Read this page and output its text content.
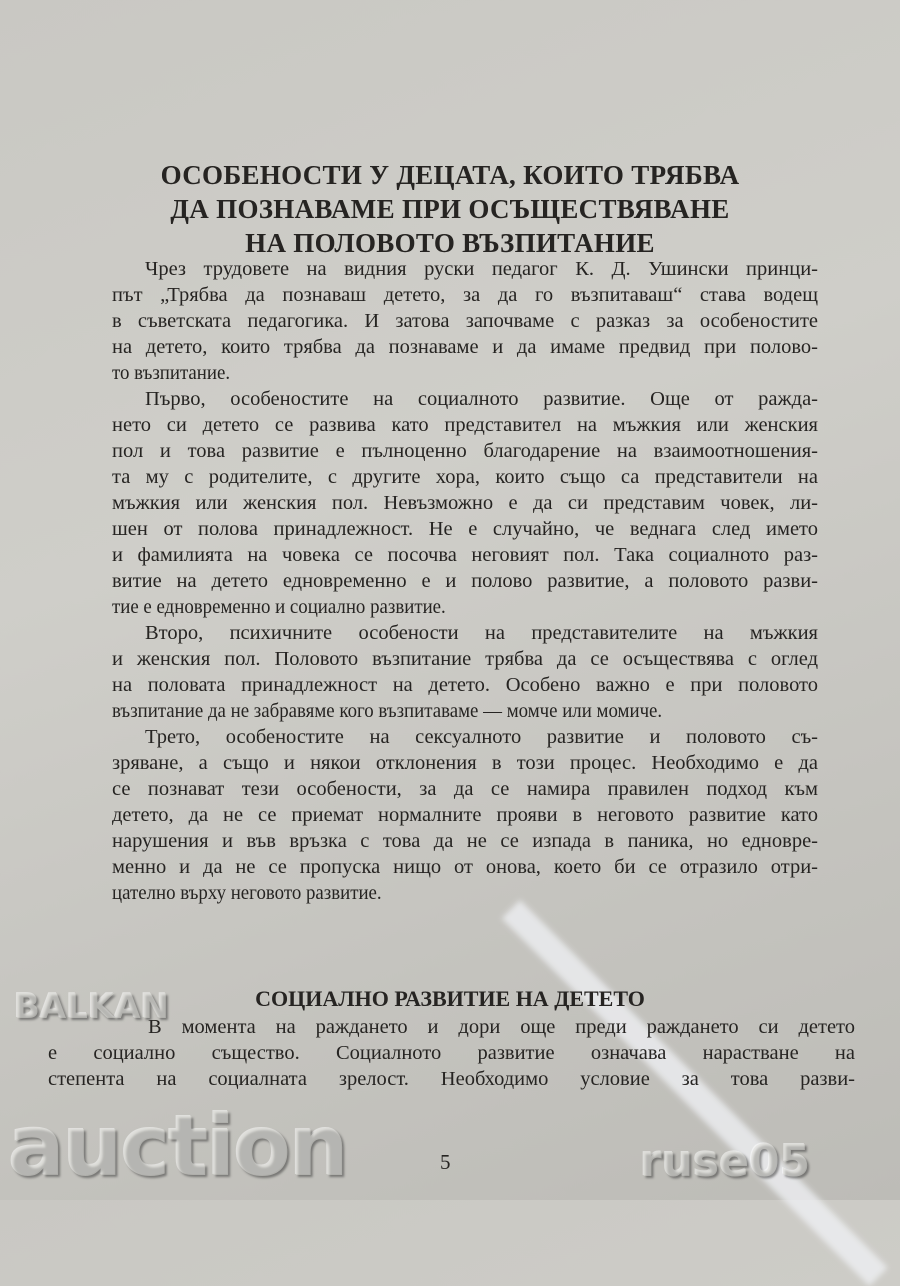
ОСОБЕНОСТИ У ДЕЦАТА, КОИТО ТРЯБВА
ДА ПОЗНАВАМЕ ПРИ ОСЪЩЕСТВЯВАНЕ
НА ПОЛОВОТО ВЪЗПИТАНИЕ
Чрез трудовете на видния руски педагог К. Д. Ушински принци-
път „Трябва да познаваш детето, за да го възпитаваш“ става водещ
в съветската педагогика. И затова започваме с разказ за особеностите
на детето, които трябва да познаваме и да имаме предвид при полово-
то възпитание.
Първо, особеностите на социалното развитие. Още от ражда-
нето си детето се развива като представител на мъжкия или женския
пол и това развитие е пълноценно благодарение на взаимоотношения-
та му с родителите, с другите хора, които също са представители на
мъжкия или женския пол. Невъзможно е да си представим човек, ли-
шен от полова принадлежност. Не е случайно, че веднага след името
и фамилията на човека се посочва неговият пол. Така социалното раз-
витие на детето едновременно е и полово развитие, а половото разви-
тие е едновременно и социално развитие.
Второ, психичните особености на представителите на мъжкия
и женския пол. Половото възпитание трябва да се осъществява с оглед
на половата принадлежност на детето. Особено важно е при половото
възпитание да не забравяме кого възпитаваме — момче или момиче.
Трето, особеностите на сексуалното развитие и половото съ-
зряване, а също и някои отклонения в този процес. Необходимо е да
се познават тези особености, за да се намира правилен подход към
детето, да не се приемат нормалните прояви в неговото развитие като
нарушения и във връзка с това да не се изпада в паника, но едновре-
менно и да не се пропуска нищо от онова, което би се отразило отри-
цателно върху неговото развитие.
СОЦИАЛНО РАЗВИТИЕ НА ДЕТЕТО
В момента на раждането и дори още преди раждането си детето
е социално същество. Социалното развитие означава нарастване на
степента на социалната зрелост. Необходимо условие за това разви-
5
BALKAN
auction	ruse05
